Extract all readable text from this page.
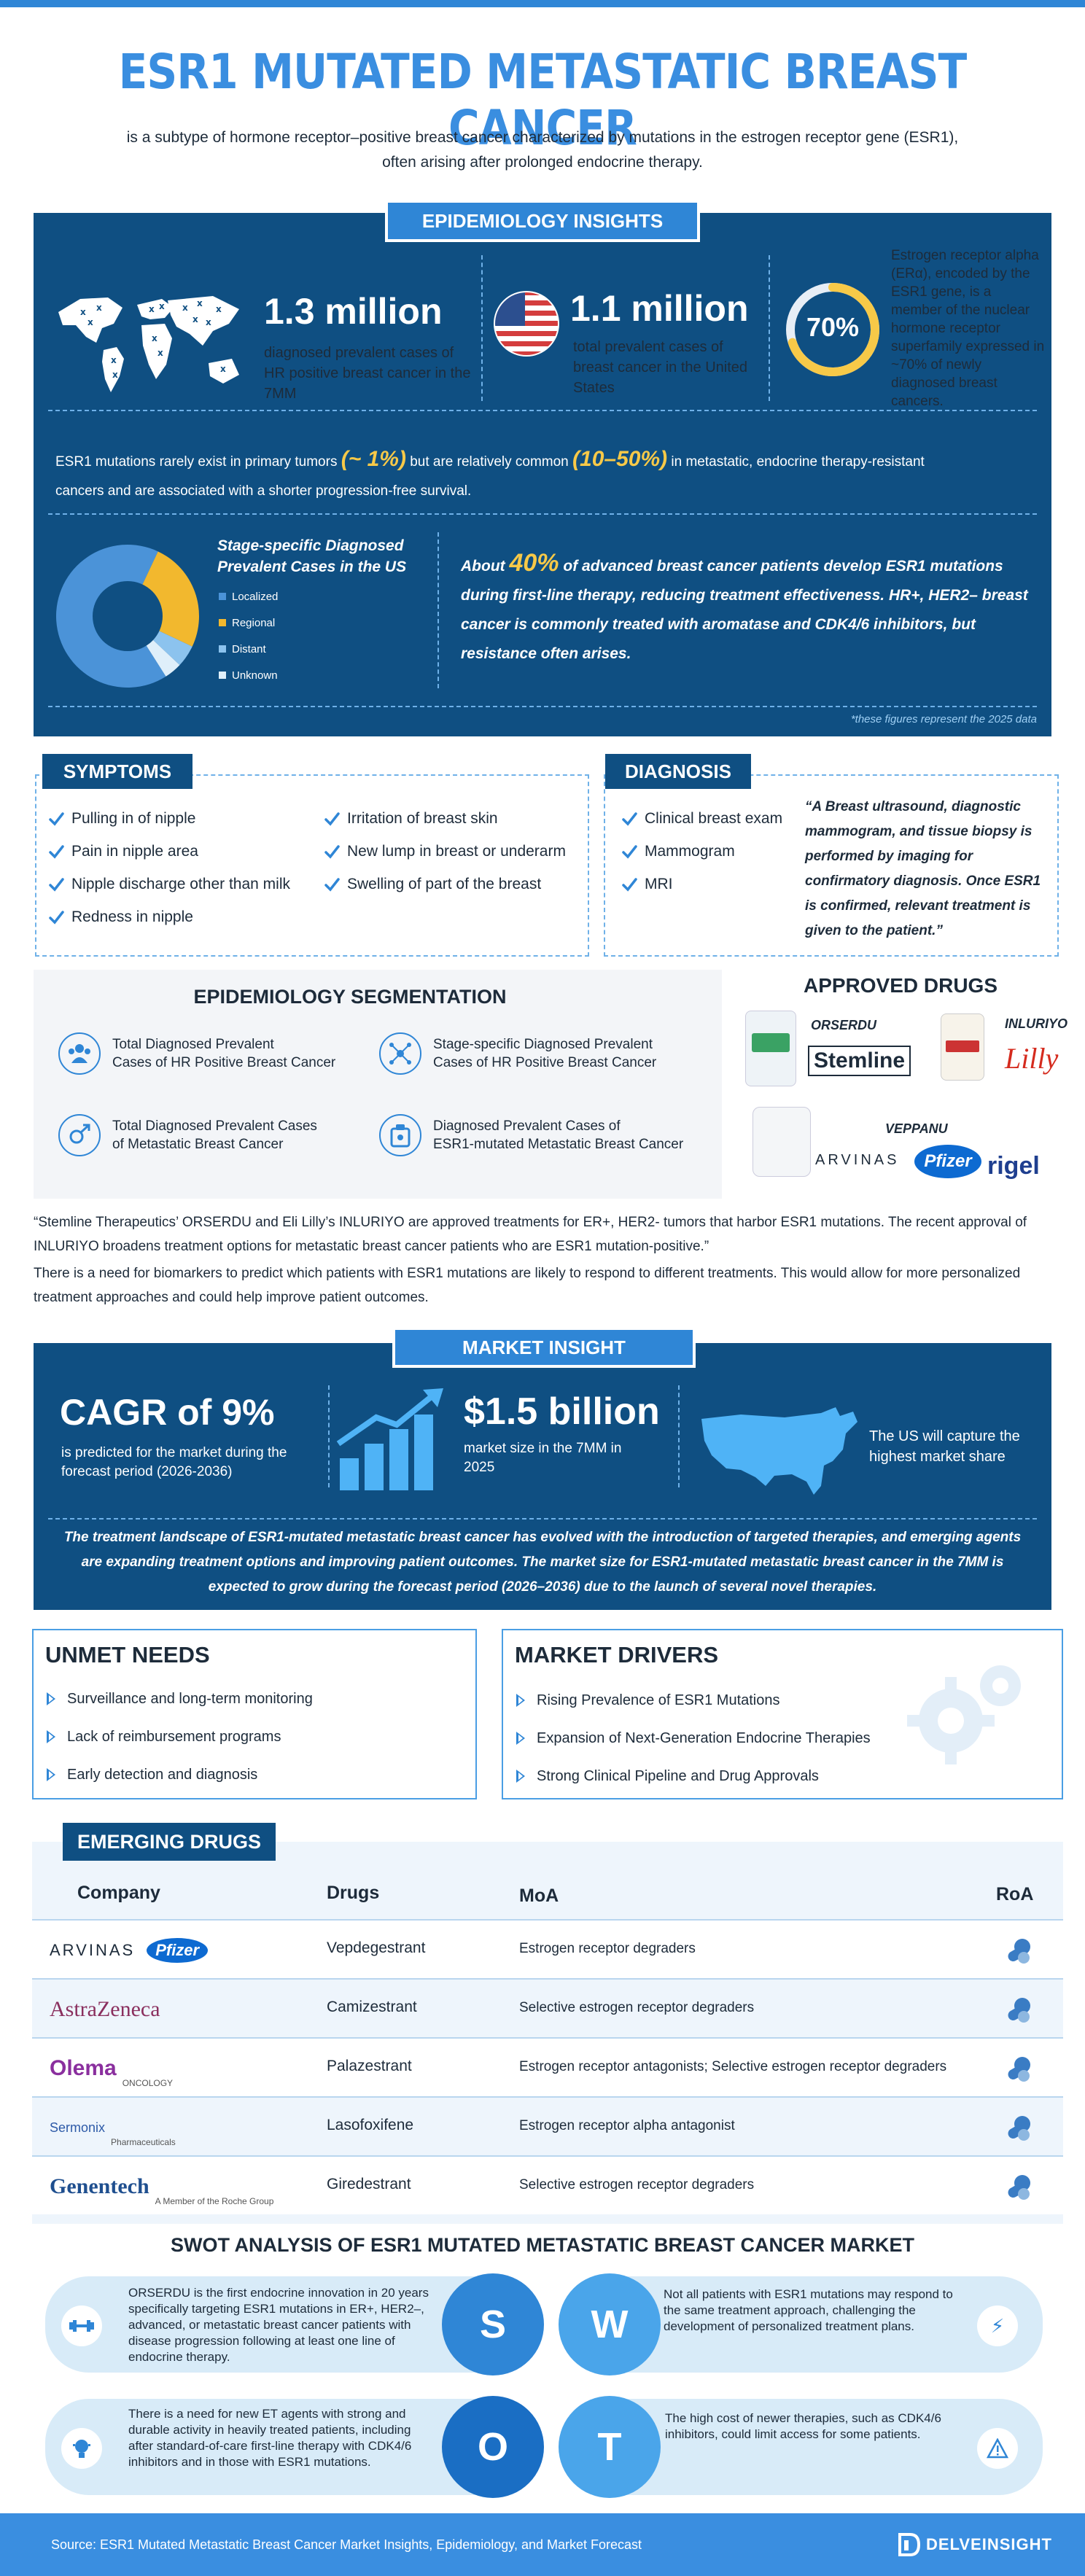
ESR1 MUTATED METASTATIC BREAST CANCER
is a subtype of hormone receptor–positive breast cancer characterized by mutations in the estrogen receptor gene (ESR1),
often arising after prolonged endocrine therapy.
EPIDEMIOLOGY INSIGHTS
x x
x
x
x
x x
x
x
x x
x
x
x
x
1.3 million
diagnosed prevalent cases of HR positive breast cancer in the 7MM
1.1 million
total prevalent cases of breast cancer in the United States
70%
Estrogen receptor alpha (ERα), encoded by the ESR1 gene, is a member of the nuclear hormone receptor superfamily expressed in ~70% of newly diagnosed breast cancers.
ESR1 mutations rarely exist in primary tumors (~ 1%) but are relatively common (10–50%) in metastatic, endocrine therapy-resistant
cancers and are associated with a shorter progression-free survival.
Stage-specific Diagnosed Prevalent Cases in the US
Localized
Regional
Distant
Unknown
About 40% of advanced breast cancer patients develop ESR1 mutations during first-line therapy, reducing treatment effectiveness. HR+, HER2– breast cancer is commonly treated with aromatase and CDK4/6 inhibitors, but resistance often arises.
*these figures represent the 2025 data
SYMPTOMS
Pulling in of nipple
Pain in nipple area
Nipple discharge other than milk
Redness in nipple
Irritation of breast skin
New lump in breast or underarm
Swelling of part of the breast
DIAGNOSIS
Clinical breast exam
Mammogram
MRI
“A Breast ultrasound, diagnostic mammogram, and tissue biopsy is performed by imaging for confirmatory diagnosis. Once ESR1 is confirmed, relevant treatment is given to the patient.”
EPIDEMIOLOGY SEGMENTATION
Total Diagnosed Prevalent
Cases of HR Positive Breast Cancer
Stage-specific Diagnosed Prevalent
Cases of HR Positive Breast Cancer
Total Diagnosed Prevalent Cases
of Metastatic Breast Cancer
Diagnosed Prevalent Cases of
ESR1-mutated Metastatic Breast Cancer
APPROVED DRUGS
ORSERDU
Stemline
INLURIYO
Lilly
VEPPANU
ARVINAS	Pfizer rigel
“Stemline Therapeutics’ ORSERDU and Eli Lilly’s INLURIYO are approved treatments for ER+, HER2- tumors that harbor ESR1 mutations. The recent approval of INLURIYO broadens treatment options for metastatic breast cancer patients who are ESR1 mutation-positive.”
There is a need for biomarkers to predict which patients with ESR1 mutations are likely to respond to different treatments. This would allow for more personalized treatment approaches and could help improve patient outcomes.
MARKET INSIGHT
CAGR of 9%
is predicted for the market during the forecast period (2026-2036)
$1.5 billion
market size in the 7MM in 2025
The US will capture the highest market share
The treatment landscape of ESR1-mutated metastatic breast cancer has evolved with the introduction of targeted therapies, and emerging agents are expanding treatment options and improving patient outcomes. The market size for ESR1-mutated metastatic breast cancer in the 7MM is expected to grow during the forecast period (2026–2036) due to the launch of several novel therapies.
UNMET NEEDS
Surveillance and long-term monitoring
Lack of reimbursement programs
Early detection and diagnosis
MARKET DRIVERS
Rising Prevalence of ESR1 Mutations
Expansion of Next-Generation Endocrine Therapies
Strong Clinical Pipeline and Drug Approvals
EMERGING DRUGS
Company	Drugs	MoA	RoA
ARVINAS	Pfizer	Vepdegestrant	Estrogen receptor degraders
AstraZeneca	Camizestrant	Selective estrogen receptor degraders
Olema
ONCOLOGY
Palazestrant	Estrogen receptor antagonists; Selective estrogen receptor degraders
Sermonix
Pharmaceuticals
Lasofoxifene	Estrogen receptor alpha antagonist
Genentech
A Member of the Roche Group
Giredestrant	Selective estrogen receptor degraders
SWOT ANALYSIS OF ESR1 MUTATED METASTATIC BREAST CANCER MARKET
ORSERDU is the first endocrine innovation in 20 years specifically targeting ESR1 mutations in ER+, HER2–, advanced, or metastatic breast cancer patients with disease progression following at least one line of endocrine therapy.
S	W
Not all patients with ESR1 mutations may respond to the same treatment approach, challenging the development of personalized treatment plans.	⚡
There is a need for new ET agents with strong and durable activity in heavily treated patients, including after standard-of-care first-line therapy with CDK4/6 inhibitors and in those with ESR1 mutations.	O	T
The high cost of newer therapies, such as CDK4/6 inhibitors, could limit access for some patients.
Source: ESR1 Mutated Metastatic Breast Cancer Market Insights, Epidemiology, and Market Forecast	DELVEINSIGHT
